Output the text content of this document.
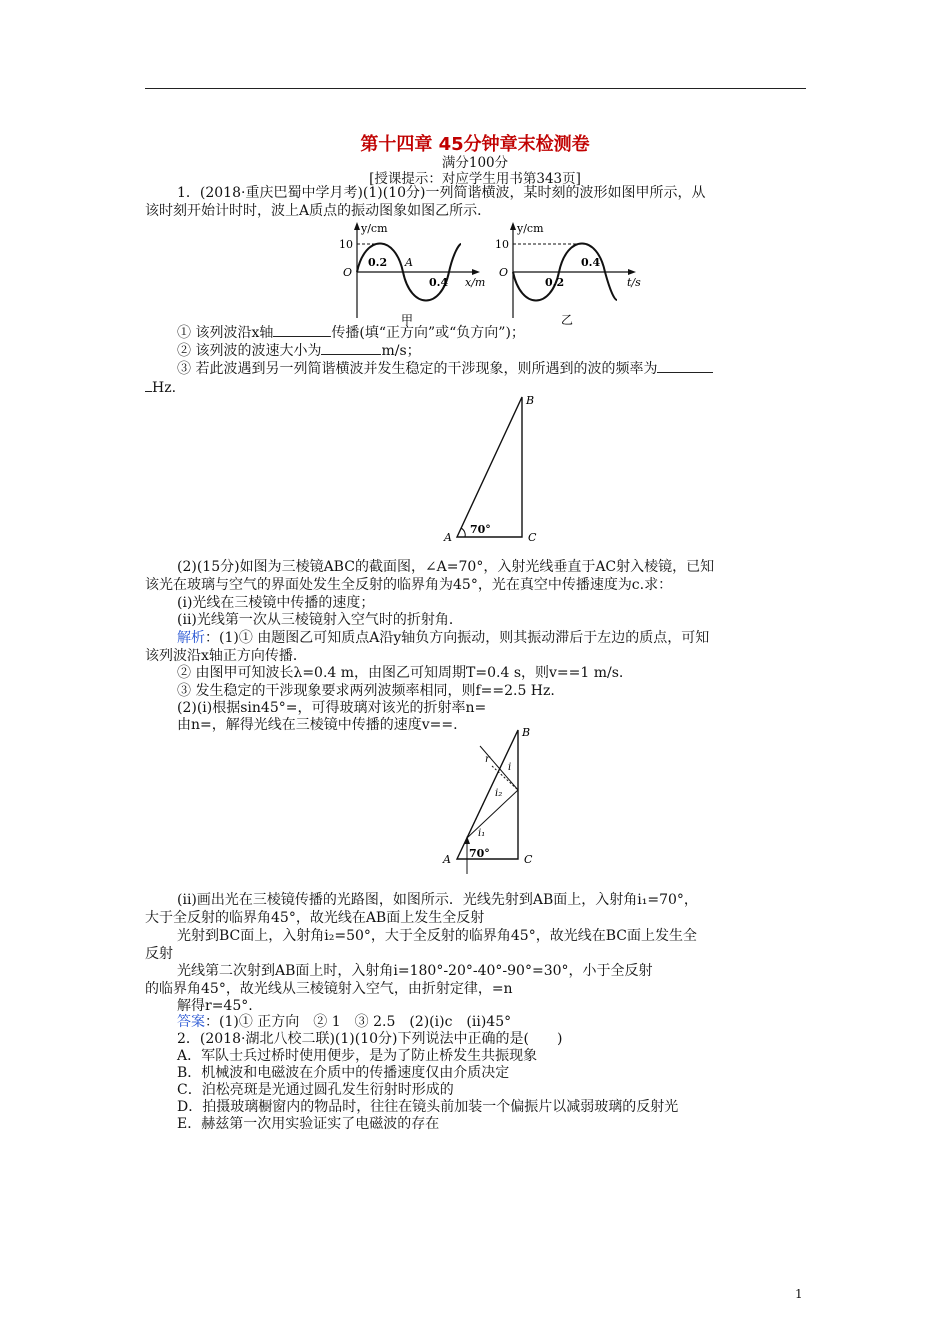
第十四章 45分钟章末检测卷
满分100分
[授课提示：对应学生用书第343页]
1．(2018·重庆巴蜀中学月考)(1)(10分)一列简谐横波，某时刻的波形如图甲所示，从
该时刻开始计时时，波上A质点的振动图象如图乙所示．
y/cm
10
O
0.2 A
0.4 x/m
甲
y/cm
10
O
0.2
0.4
t/s
乙
① 该列波沿x轴	传播(填“正方向”或“负方向”)；
② 该列波的波速大小为	m/s；
③ 若此波遇到另一列简谐横波并发生稳定的干涉现象，则所遇到的波的频率为
Hz.
B
A	C
70°
(2)(15分)如图为三棱镜ABC的截面图，∠A=70°，入射光线垂直于AC射入棱镜，已知
该光在玻璃与空气的界面处发生全反射的临界角为45°，光在真空中传播速度为c.求：
(ⅰ)光线在三棱镜中传播的速度；
(ⅱ)光线第一次从三棱镜射入空气时的折射角．
解析：(1)① 由题图乙可知质点A沿y轴负方向振动，则其振动滞后于左边的质点，可知
该列波沿x轴正方向传播．
② 由图甲可知波长λ=0.4 m，由图乙可知周期T=0.4 s，则v==1 m/s.
③ 发生稳定的干涉现象要求两列波频率相同，则f==2.5 Hz.
(2)(ⅰ)根据sin45°=，可得玻璃对该光的折射率n=
由n=，解得光线在三棱镜中传播的速度v==.	B
A	C
70°
r
i
i₂
i₁
(ⅱ)画出光在三棱镜传播的光路图，如图所示．光线先射到AB面上，入射角i₁=70°，
大于全反射的临界角45°，故光线在AB面上发生全反射
光射到BC面上，入射角i₂=50°，大于全反射的临界角45°，故光线在BC面上发生全
反射
光线第二次射到AB面上时，入射角i=180°-20°-40°-90°=30°，小于全反射
的临界角45°，故光线从三棱镜射入空气，由折射定律，=n
解得r=45°.
答案：(1)① 正方向　② 1　③ 2.5　(2)(ⅰ)c　(ⅱ)45°
2．(2018·湖北八校二联)(1)(10分)下列说法中正确的是(　　)
A．军队士兵过桥时使用便步，是为了防止桥发生共振现象
B．机械波和电磁波在介质中的传播速度仅由介质决定
C．泊松亮斑是光通过圆孔发生衍射时形成的
D．拍摄玻璃橱窗内的物品时，往往在镜头前加装一个偏振片以减弱玻璃的反射光
E．赫兹第一次用实验证实了电磁波的存在
1
